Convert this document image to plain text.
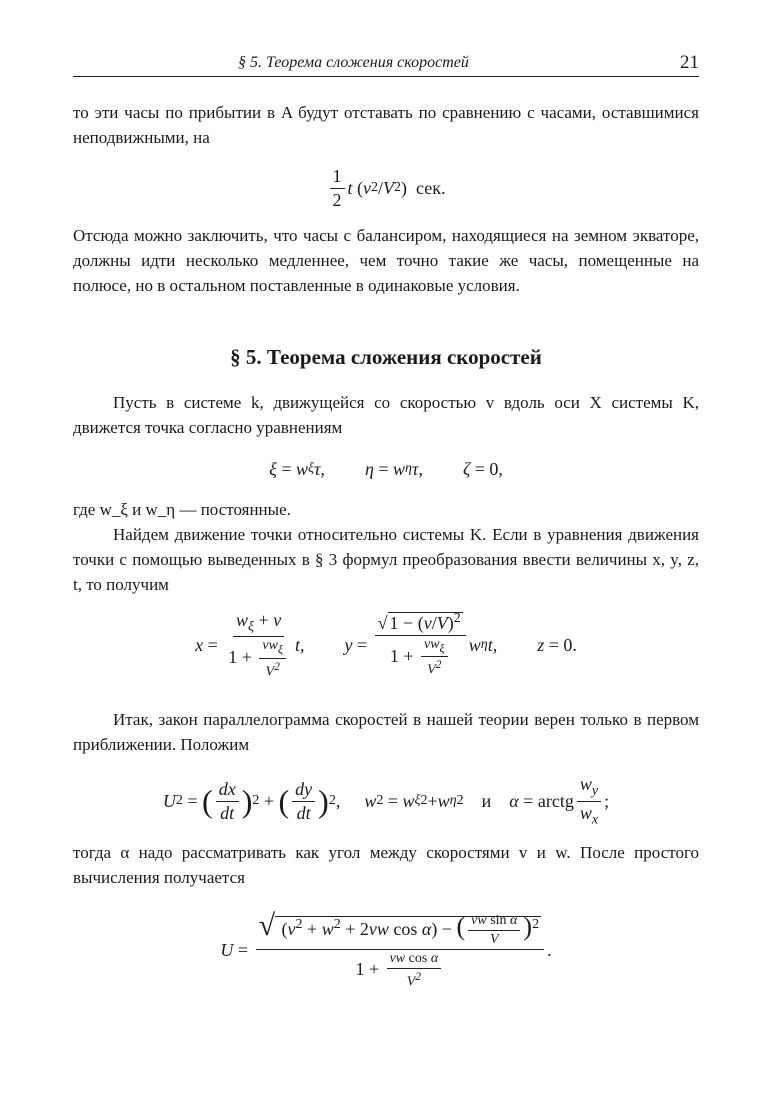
§ 5. Теорема сложения скоростей	21

то эти часы по прибытии в A будут отставать по сравнению с часами, оставшимися неподвижными, на

$\frac{1}{2}$ t ( v 2 / V 2 ) сек.

Отсюда можно заключить, что часы с балансиром, находящиеся на земном экваторе, должны идти несколько медленнее, чем точно такие же часы, помещенные на полюсе, но в остальном поставленные в одинаковые условия.

§ 5. Теорема сложения скоростей

Пусть в системе k, движущейся со скоростью v вдоль оси X системы K, движется точка согласно уравнениям

ξ = w ξ τ, η = w η τ, ζ = 0,

где w_ξ и w_η — постоянные.

Найдем движение точки относительно системы K. Если в уравнения движения точки с помощью выведенных в § 3 формул преобразования ввести величины x, y, z, t, то получим

$x = \frac{w_\xi + v}{1 + \frac{vw_\xi}{V^2}} t$, $y = \frac{√ 1 - (v/V)^2}{1 + \frac{vw_\xi}{V^2}}$ w η t, z = 0.

Итак, закон параллелограмма скоростей в нашей теории верен только в первом приближении. Положим

U 2 = ( $\frac{dx}{dt}$ ) 2 + ( $\frac{dy}{dt}$ ) 2 , w 2 = w ξ 2 + w η 2 и α = arctg $\frac{w_y}{w_x}$ ;

тогда α надо рассматривать как угол между скоростями v и w. После простого вычисления получается

$U = \frac{√ (v^2 + w^2 + 2vw \cos \alpha) - ( \frac{\text{vw sin α}}{V} )^2}{1 + \frac{\text{vw cos α}}{V^2}}$ .
